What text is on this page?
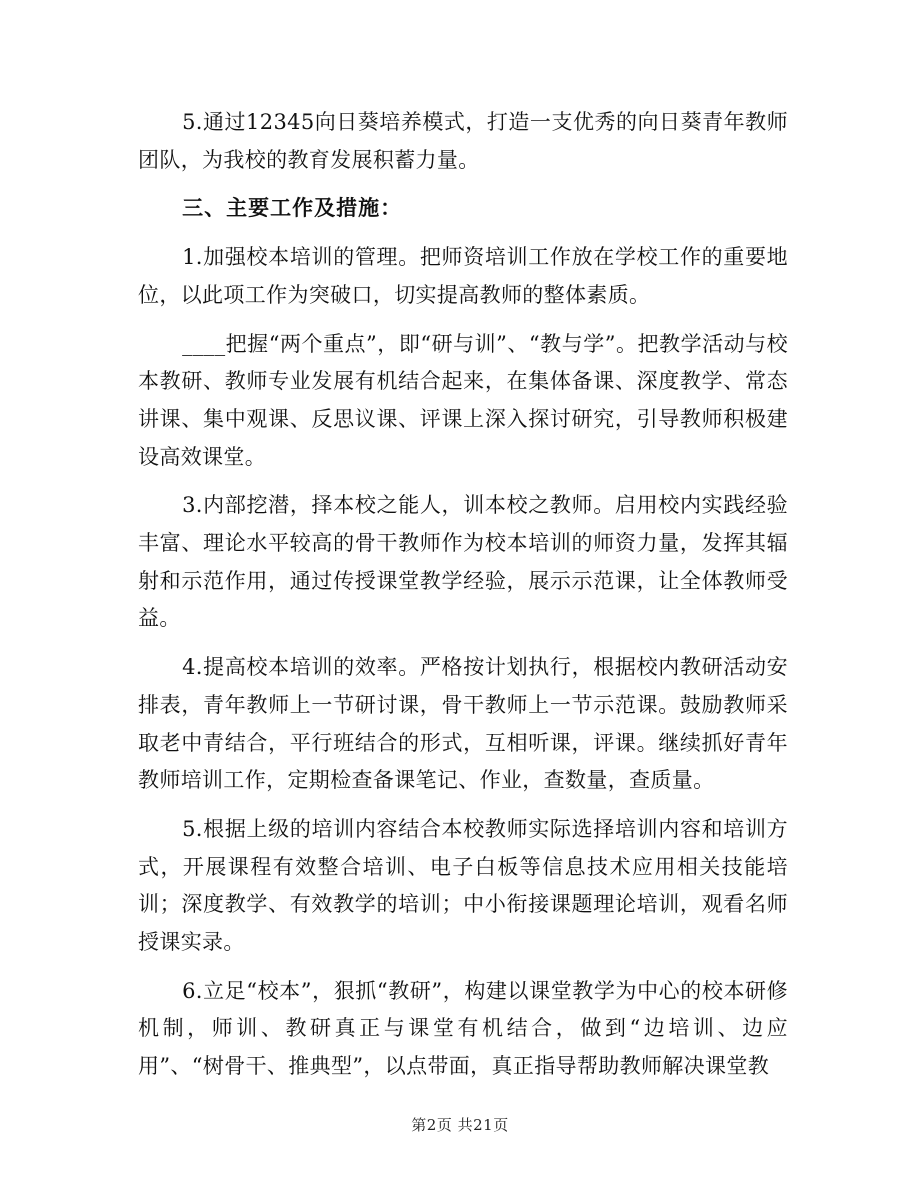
5.通过12345向日葵培养模式，打造一支优秀的向日葵青年教师团队，为我校的教育发展积蓄力量。

三、主要工作及措施：

1.加强校本培训的管理。把师资培训工作放在学校工作的重要地位，以此项工作为突破口，切实提高教师的整体素质。

____把握“两个重点”，即“研与训”、“教与学”。把教学活动与校本教研、教师专业发展有机结合起来，在集体备课、深度教学、常态讲课、集中观课、反思议课、评课上深入探讨研究，引导教师积极建设高效课堂。

3.内部挖潜，择本校之能人，训本校之教师。启用校内实践经验丰富、理论水平较高的骨干教师作为校本培训的师资力量，发挥其辐射和示范作用，通过传授课堂教学经验，展示示范课，让全体教师受益。

4.提高校本培训的效率。严格按计划执行，根据校内教研活动安排表，青年教师上一节研讨课，骨干教师上一节示范课。鼓励教师采取老中青结合，平行班结合的形式，互相听课，评课。继续抓好青年教师培训工作，定期检查备课笔记、作业，查数量，查质量。

5.根据上级的培训内容结合本校教师实际选择培训内容和培训方式，开展课程有效整合培训、电子白板等信息技术应用相关技能培训；深度教学、有效教学的培训；中小衔接课题理论培训，观看名师授课实录。

6.立足“校本”，狠抓“教研”，构建以课堂教学为中心的校本研修机制，师训、教研真正与课堂有机结合，做到“边培训、边应用”、“树骨干、推典型”，以点带面，真正指导帮助教师解决课堂教

第2页 共21页
